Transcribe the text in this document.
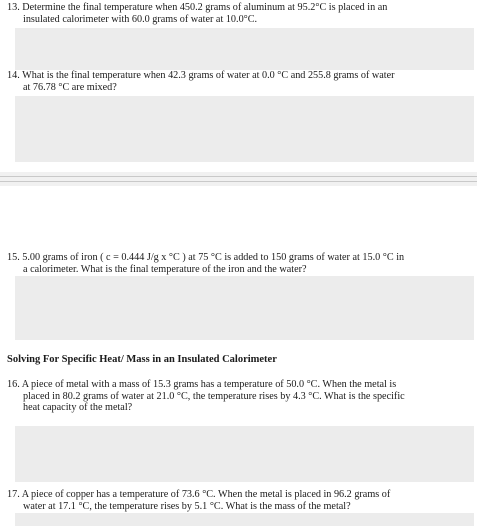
13. Determine the final temperature when 450.2 grams of aluminum at 95.2°C is placed in an
insulated calorimeter with 60.0 grams of water at 10.0°C.
14. What is the final temperature when 42.3 grams of water at 0.0 °C and 255.8 grams of water
at 76.78 °C are mixed?
15. 5.00 grams of iron ( c = 0.444 J/g x °C ) at 75 °C is added to 150 grams of water at 15.0 °C in
a calorimeter. What is the final temperature of the iron and the water?
Solving For Specific Heat/ Mass in an Insulated Calorimeter
16. A piece of metal with a mass of 15.3 grams has a temperature of 50.0 °C. When the metal is
placed in 80.2 grams of water at 21.0 °C, the temperature rises by 4.3 °C. What is the specific
heat capacity of the metal?
17. A piece of copper has a temperature of 73.6 °C. When the metal is placed in 96.2 grams of
water at 17.1 °C, the temperature rises by 5.1 °C. What is the mass of the metal?
